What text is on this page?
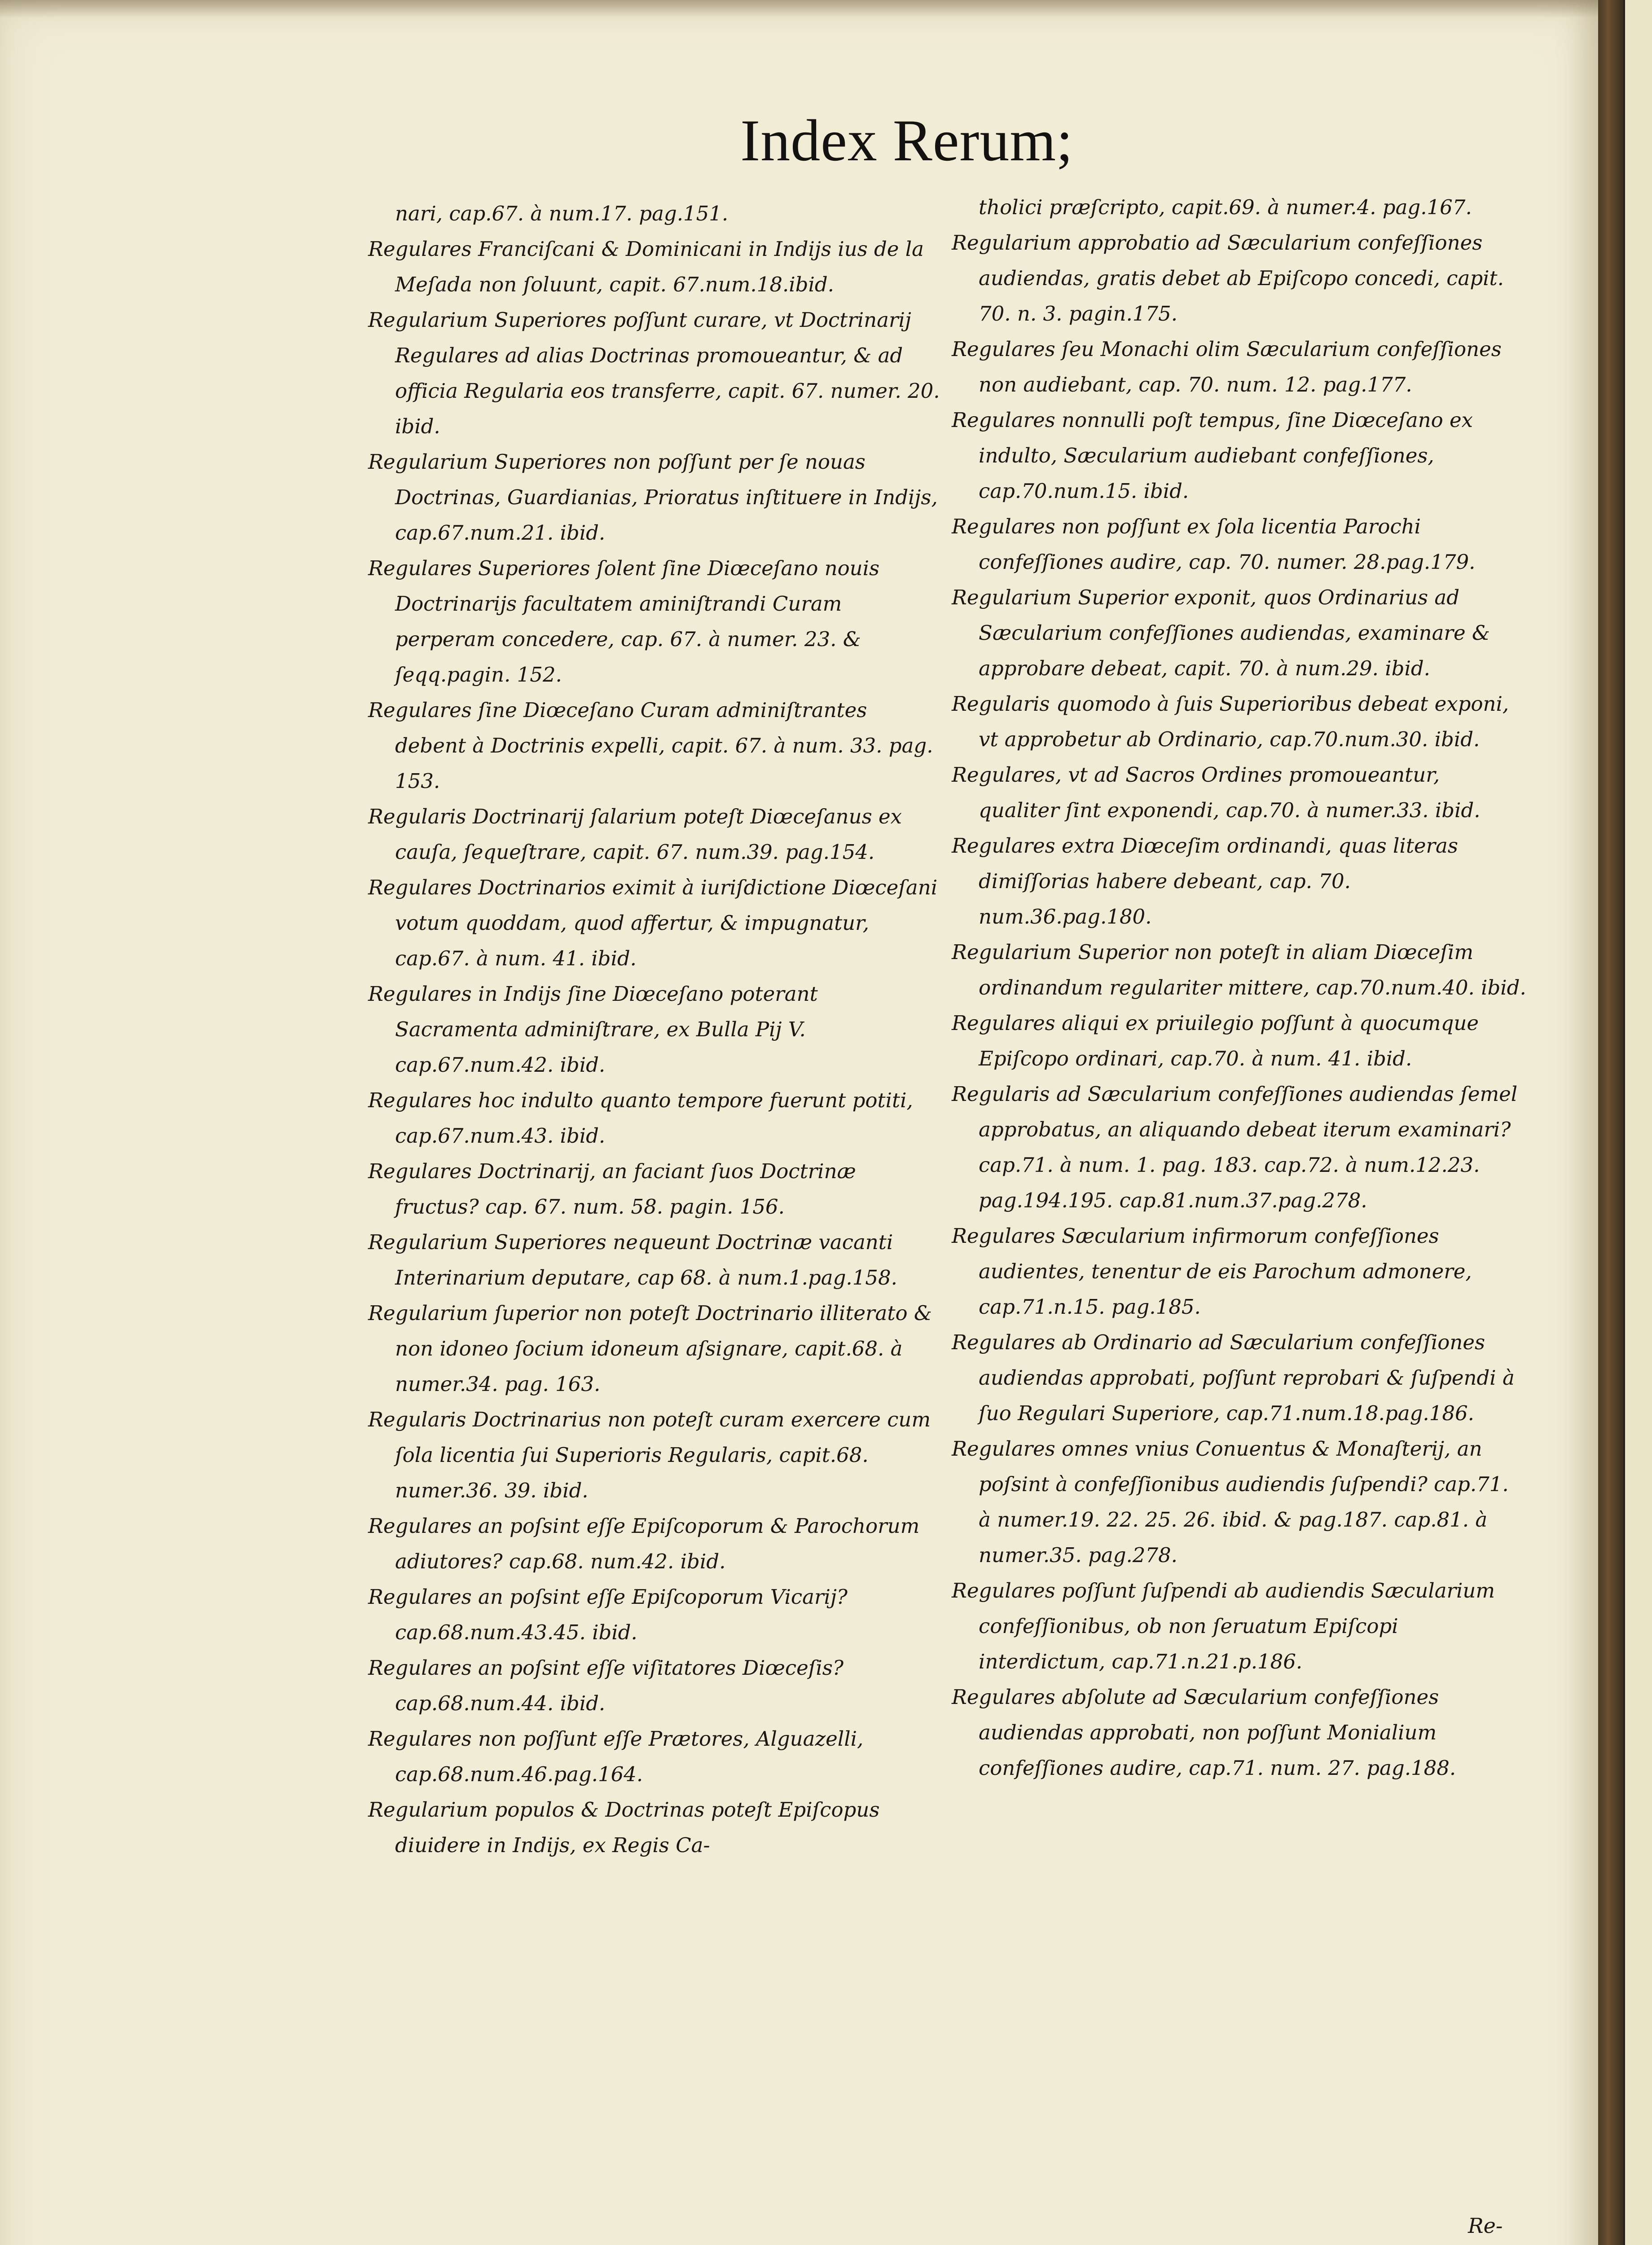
Index Rerum;
nari, cap.67. à num.17. pag.151.
Regulares Franciſcani & Dominicani in Indijs ius de la Meſada non ſoluunt, capit. 67.num.18.ibid.
Regularium Superiores poſſunt curare, vt Doctrinarij Regulares ad alias Doctrinas promoueantur, & ad officia Regularia eos transferre, capit. 67. numer. 20. ibid.
Regularium Superiores non poſſunt per ſe nouas Doctrinas, Guardianias, Prioratus inſtituere in Indijs, cap.67.num.21. ibid.
Regulares Superiores ſolent ſine Diœceſano nouis Doctrinarijs facultatem aminiſtrandi Curam perperam concedere, cap. 67. à numer. 23. & ſeqq.pagin. 152.
Regulares ſine Diœceſano Curam adminiſtrantes debent à Doctrinis expelli, capit. 67. à num. 33. pag. 153.
Regularis Doctrinarij ſalarium poteſt Diœceſanus ex cauſa, ſequeſtrare, capit. 67. num.39. pag.154.
Regulares Doctrinarios eximit à iuriſdictione Diœceſani votum quoddam, quod affertur, & impugnatur, cap.67. à num. 41. ibid.
Regulares in Indijs ſine Diœceſano poterant Sacramenta adminiſtrare, ex Bulla Pij V. cap.67.num.42. ibid.
Regulares hoc indulto quanto tempore fuerunt potiti, cap.67.num.43. ibid.
Regulares Doctrinarij, an faciant ſuos Doctrinæ fructus? cap. 67. num. 58. pagin. 156.
Regularium Superiores nequeunt Doctrinæ vacanti Interinarium deputare, cap 68. à num.1.pag.158.
Regularium ſuperior non poteſt Doctrinario illiterato & non idoneo ſocium idoneum aſsignare, capit.68. à numer.34. pag. 163.
Regularis Doctrinarius non poteſt curam exercere cum ſola licentia ſui Superioris Regularis, capit.68. numer.36. 39. ibid.
Regulares an poſsint eſſe Epiſcoporum & Parochorum adiutores? cap.68. num.42. ibid.
Regulares an poſsint eſſe Epiſcoporum Vicarij? cap.68.num.43.45. ibid.
Regulares an poſsint eſſe viſitatores Diœceſis? cap.68.num.44. ibid.
Regulares non poſſunt eſſe Prætores, Alguazelli, cap.68.num.46.pag.164.
Regularium populos & Doctrinas poteſt Epiſcopus diuidere in Indijs, ex Regis Ca-
tholici præſcripto, capit.69. à numer.4. pag.167.
Regularium approbatio ad Sæcularium confeſſiones audiendas, gratis debet ab Epiſcopo concedi, capit. 70. n. 3. pagin.175.
Regulares ſeu Monachi olim Sæcularium confeſſiones non audiebant, cap. 70. num. 12. pag.177.
Regulares nonnulli poſt tempus, ſine Diœceſano ex indulto, Sæcularium audiebant confeſſiones, cap.70.num.15. ibid.
Regulares non poſſunt ex ſola licentia Parochi confeſſiones audire, cap. 70. numer. 28.pag.179.
Regularium Superior exponit, quos Ordinarius ad Sæcularium confeſſiones audiendas, examinare & approbare debeat, capit. 70. à num.29. ibid.
Regularis quomodo à ſuis Superioribus debeat exponi, vt approbetur ab Ordinario, cap.70.num.30. ibid.
Regulares, vt ad Sacros Ordines promoueantur, qualiter ſint exponendi, cap.70. à numer.33. ibid.
Regulares extra Diœceſim ordinandi, quas literas dimiſſorias habere debeant, cap. 70. num.36.pag.180.
Regularium Superior non poteſt in aliam Diœceſim ordinandum regulariter mittere, cap.70.num.40. ibid.
Regulares aliqui ex priuilegio poſſunt à quocumque Epiſcopo ordinari, cap.70. à num. 41. ibid.
Regularis ad Sæcularium confeſſiones audiendas ſemel approbatus, an aliquando debeat iterum examinari? cap.71. à num. 1. pag. 183. cap.72. à num.12.23. pag.194.195. cap.81.num.37.pag.278.
Regulares Sæcularium infirmorum confeſſiones audientes, tenentur de eis Parochum admonere, cap.71.n.15. pag.185.
Regulares ab Ordinario ad Sæcularium confeſſiones audiendas approbati, poſſunt reprobari & ſuſpendi à ſuo Regulari Superiore, cap.71.num.18.pag.186.
Regulares omnes vnius Conuentus & Monaſterij, an poſsint à confeſſionibus audiendis ſuſpendi? cap.71. à numer.19. 22. 25. 26. ibid. & pag.187. cap.81. à numer.35. pag.278.
Regulares poſſunt ſuſpendi ab audiendis Sæcularium confeſſionibus, ob non ſeruatum Epiſcopi interdictum, cap.71.n.21.p.186.
Regulares abſolute ad Sæcularium confeſſiones audiendas approbati, non poſſunt Monialium confeſſiones audire, cap.71. num. 27. pag.188.
Re-
